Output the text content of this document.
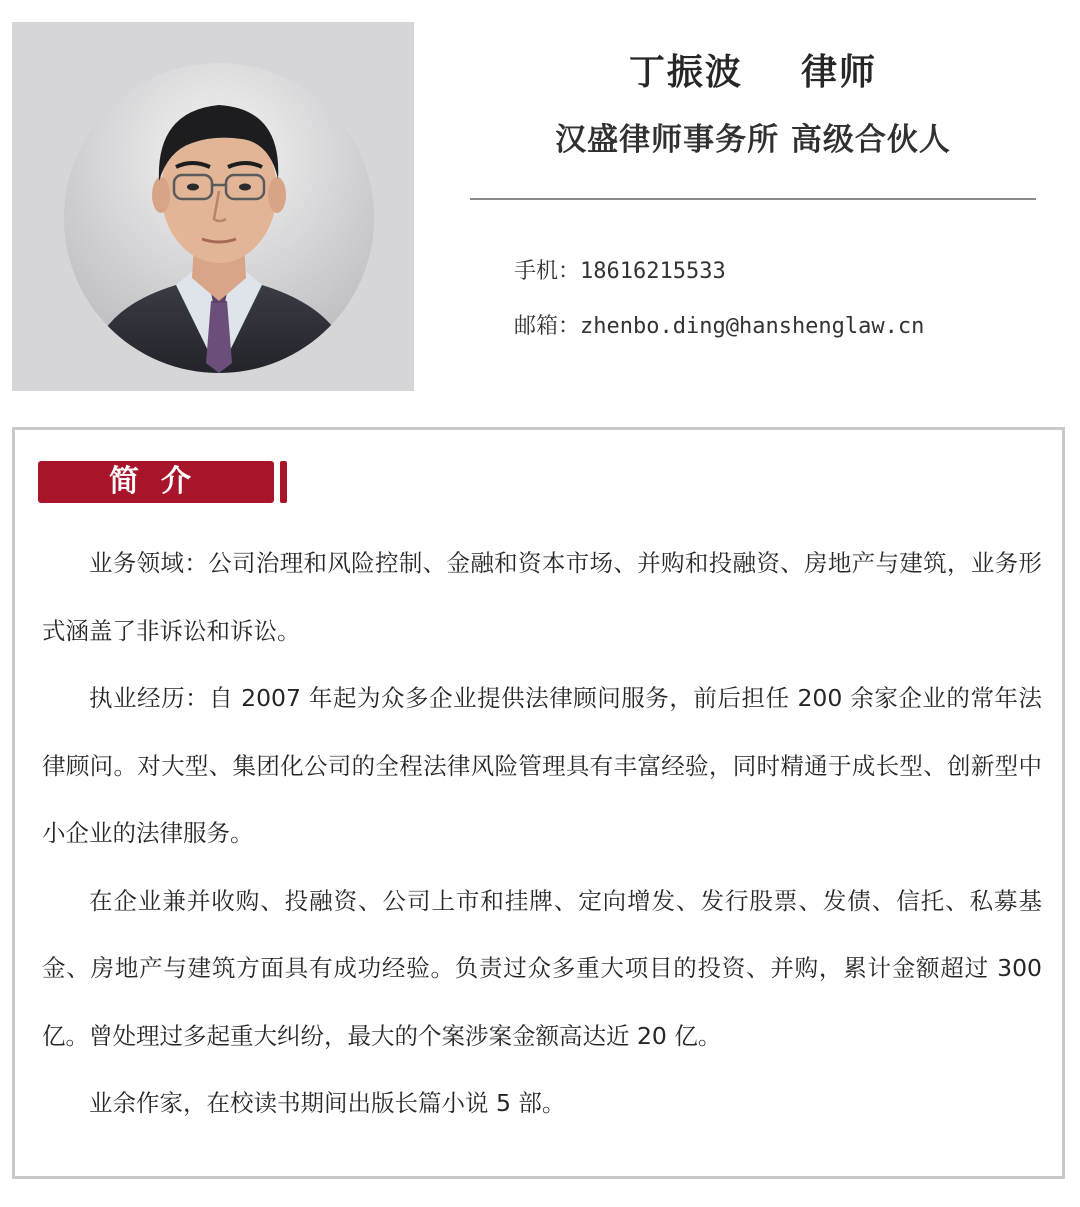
丁振波    律师
汉盛律师事务所 高级合伙人
手机：18616215533
邮箱：zhenbo.ding@hanshenglaw.cn
简介

业务领域：公司治理和风险控制、金融和资本市场、并购和投融资、房地产与建筑，业务形式涵盖了非诉讼和诉讼。

执业经历：自 2007 年起为众多企业提供法律顾问服务，前后担任 200 余家企业的常年法律顾问。对大型、集团化公司的全程法律风险管理具有丰富经验，同时精通于成长型、创新型中小企业的法律服务。

在企业兼并收购、投融资、公司上市和挂牌、定向增发、发行股票、发债、信托、私募基金、房地产与建筑方面具有成功经验。负责过众多重大项目的投资、并购，累计金额超过 300 亿。曾处理过多起重大纠纷，最大的个案涉案金额高达近 20 亿。

业余作家，在校读书期间出版长篇小说 5 部。
